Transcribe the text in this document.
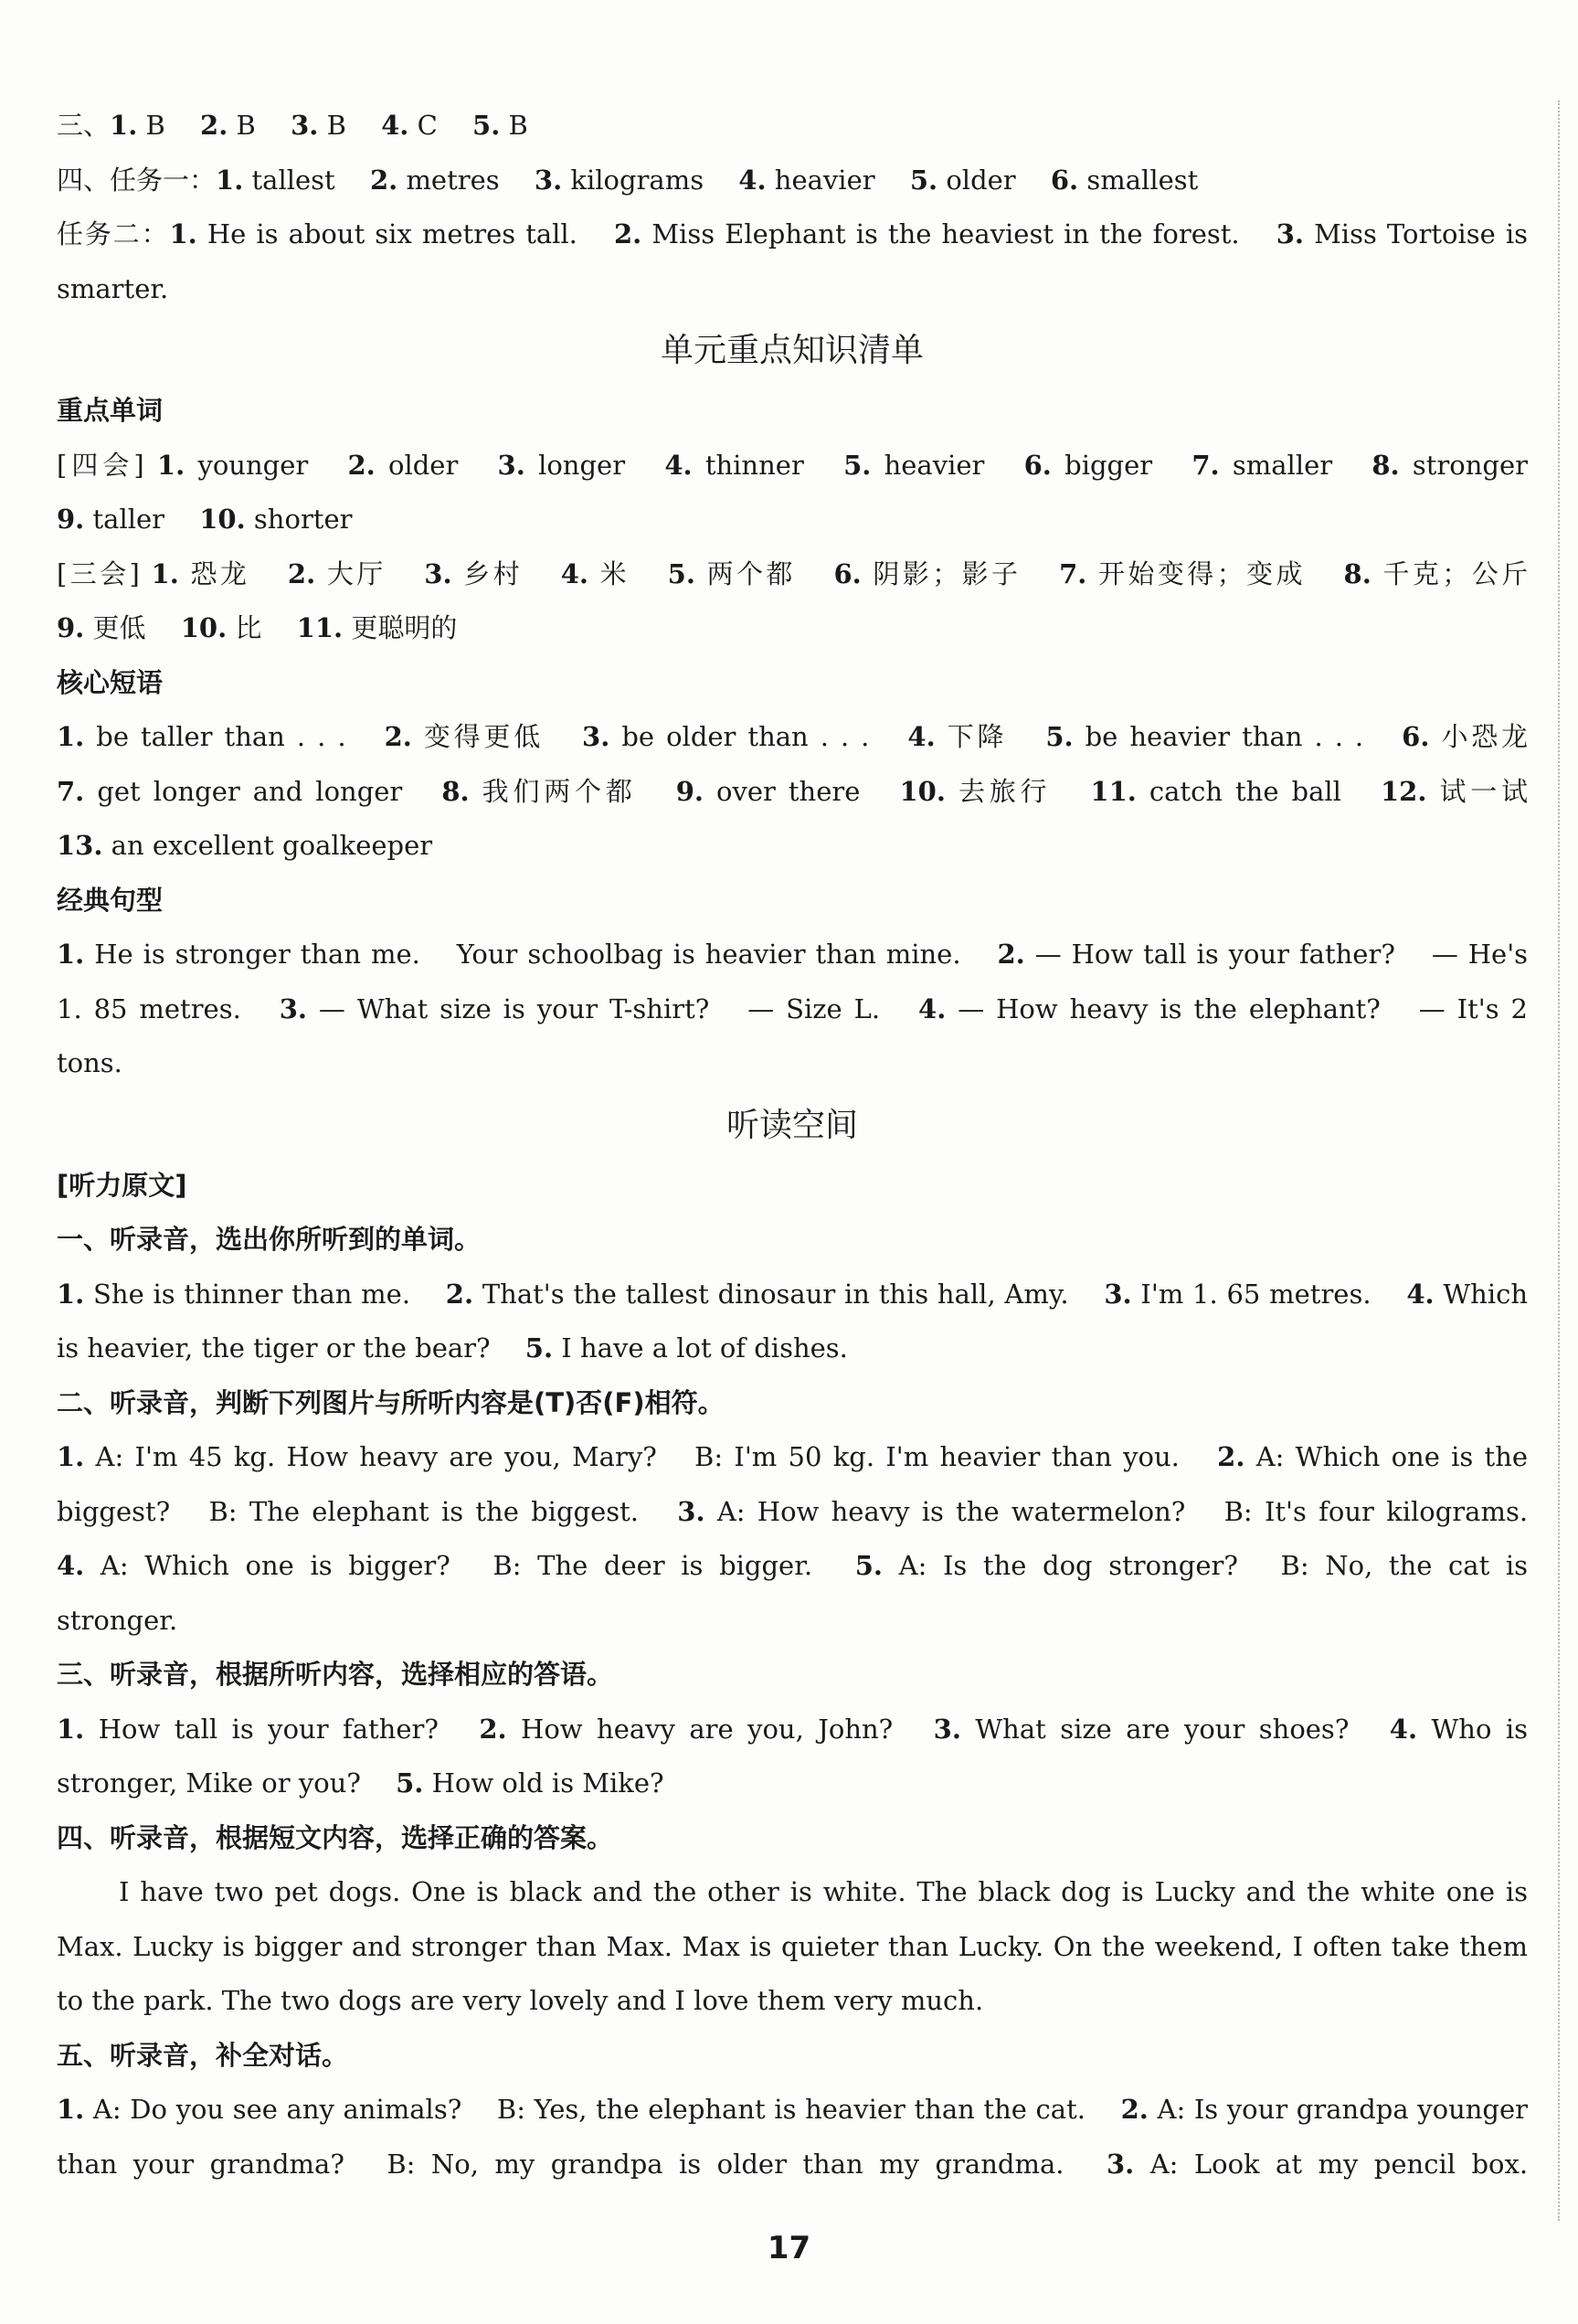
三、1. B  2. B  3. B  4. C  5. B
四、任务一：1. tallest  2. metres  3. kilograms  4. heavier  5. older  6. smallest
任务二：1. He is about six metres tall.  2. Miss Elephant is the heaviest in the forest.  3. Miss Tortoise is
smarter.
单元重点知识清单
重点单词
[四会] 1. younger  2. older  3. longer  4. thinner  5. heavier  6. bigger  7. smaller  8. stronger
9. taller  10. shorter
[三会] 1. 恐龙  2. 大厅  3. 乡村  4. 米  5. 两个都  6. 阴影；影子  7. 开始变得；变成  8. 千克；公斤
9. 更低  10. 比  11. 更聪明的
核心短语
1. be taller than . . .  2. 变得更低  3. be older than . . .  4. 下降  5. be heavier than . . .  6. 小恐龙
7. get longer and longer  8. 我们两个都  9. over there  10. 去旅行  11. catch the ball  12. 试一试
13. an excellent goalkeeper
经典句型
1. He is stronger than me.  Your schoolbag is heavier than mine.  2. — How tall is your father?  — He's
1. 85 metres.  3. — What size is your T-shirt?  — Size L.  4. — How heavy is the elephant?  — It's 2
tons.
听读空间
[听力原文]
一、听录音，选出你所听到的单词。
1. She is thinner than me.  2. That's the tallest dinosaur in this hall, Amy.  3. I'm 1. 65 metres.  4. Which
is heavier, the tiger or the bear?  5. I have a lot of dishes.
二、听录音，判断下列图片与所听内容是(T)否(F)相符。
1. A: I'm 45 kg. How heavy are you, Mary?  B: I'm 50 kg. I'm heavier than you.  2. A: Which one is the
biggest?  B: The elephant is the biggest.  3. A: How heavy is the watermelon?  B: It's four kilograms.
4. A: Which one is bigger?  B: The deer is bigger.  5. A: Is the dog stronger?  B: No, the cat is
stronger.
三、听录音，根据所听内容，选择相应的答语。
1. How tall is your father?  2. How heavy are you, John?  3. What size are your shoes?  4. Who is
stronger, Mike or you?  5. How old is Mike?
四、听录音，根据短文内容，选择正确的答案。
I have two pet dogs. One is black and the other is white. The black dog is Lucky and the white one is
Max. Lucky is bigger and stronger than Max. Max is quieter than Lucky. On the weekend, I often take them
to the park. The two dogs are very lovely and I love them very much.
五、听录音，补全对话。
1. A: Do you see any animals?  B: Yes, the elephant is heavier than the cat.  2. A: Is your grandpa younger
than your grandma?  B: No, my grandpa is older than my grandma.  3. A: Look at my pencil box.
17
